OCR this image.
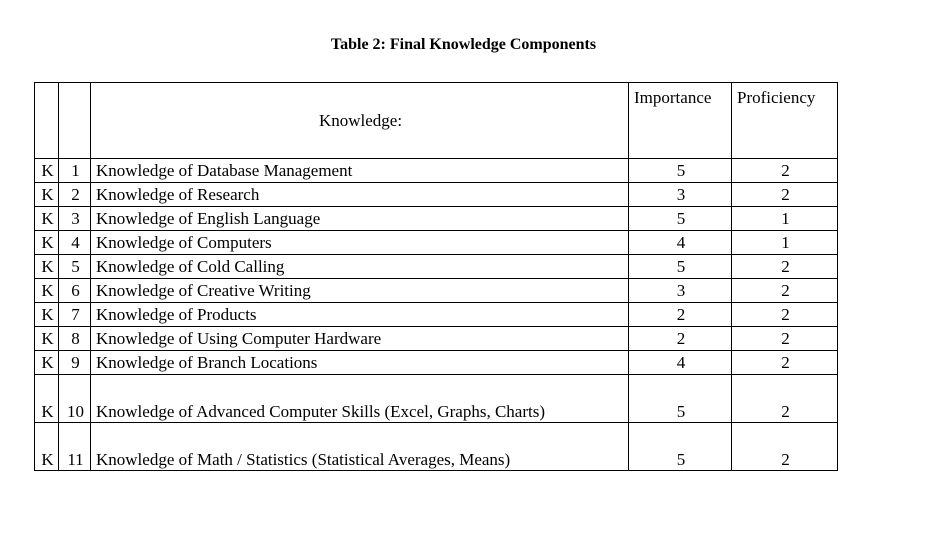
Table 2: Final Knowledge Components
		Knowledge:	Importance	Proficiency
K	1	Knowledge of Database Management	5	2
K	2	Knowledge of Research	3	2
K	3	Knowledge of English Language	5	1
K	4	Knowledge of Computers	4	1
K	5	Knowledge of Cold Calling	5	2
K	6	Knowledge of Creative Writing	3	2
K	7	Knowledge of Products	2	2
K	8	Knowledge of Using Computer Hardware	2	2
K	9	Knowledge of Branch Locations	4	2
K	10	Knowledge of Advanced Computer Skills (Excel, Graphs, Charts)	5	2
K	11	Knowledge of Math / Statistics (Statistical Averages, Means)	5	2
